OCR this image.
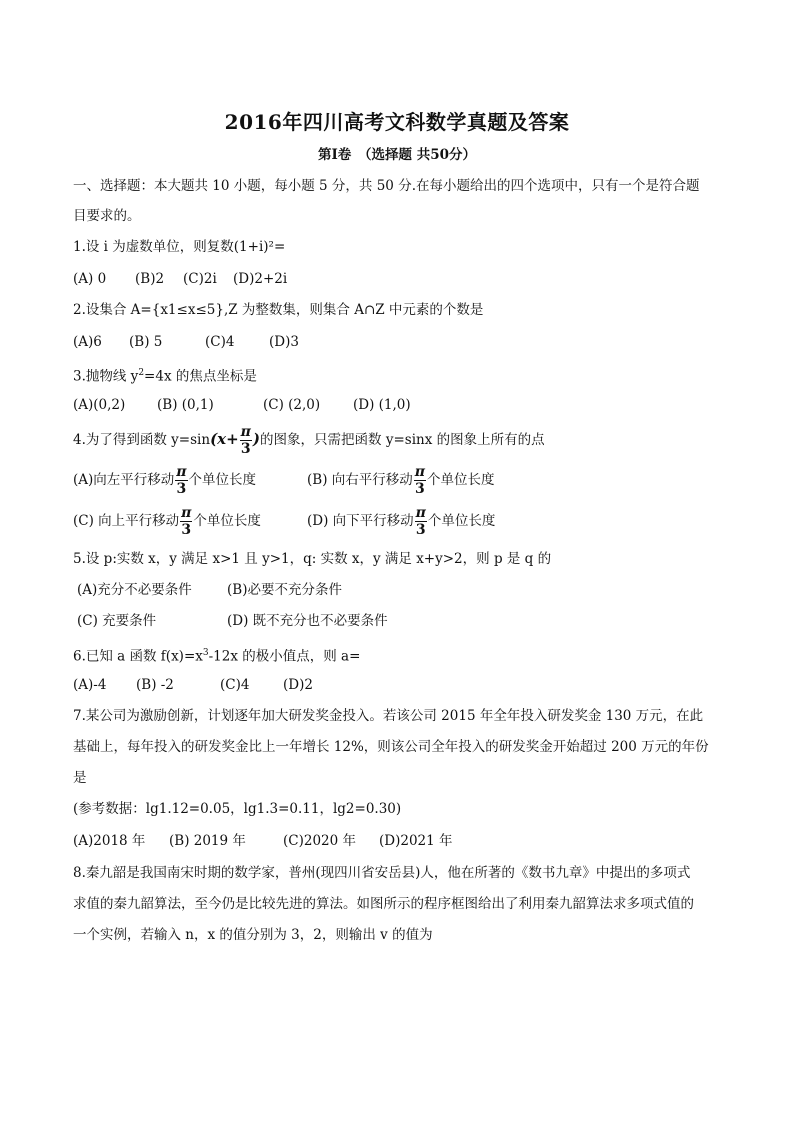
2016年四川高考文科数学真题及答案
第I卷　（选择题 共50分）
一、选择题：本大题共 10 小题，每小题 5 分，共 50 分.在每小题给出的四个选项中，只有一个是符合题
目要求的。
1.设 i 为虚数单位，则复数(1+i)²=
(A) 0 (B)2 (C)2i (D)2+2i
2.设集合 A={x1≤x≤5},Z 为整数集，则集合 A∩Z 中元素的个数是
(A)6 (B) 5	(C)4	(D)3
3.抛物线 $y^2=4x$ 的焦点坐标是
(A)(0,2) (B) (0,1)	(C) (2,0) (D) (1,0)
4.为了得到函数 $y=\sin(x+ \frac{\pi}{3}$ )的图象，只需把函数 y=sinx 的图象上所有的点
(A)向左平行移动 $\frac{\pi}{3}$ 个单位长度	(B) 向右平行移动 $\frac{\pi}{3}$ 个单位长度
(C) 向上平行移动 $\frac{\pi}{3}$ 个单位长度	(D) 向下平行移动 $\frac{\pi}{3}$ 个单位长度
5.设 p:实数 x，y 满足 x>1 且 y>1，q: 实数 x，y 满足 x+y>2，则 p 是 q 的
(A)充分不必要条件	(B)必要不充分条件
(C) 充要条件	(D) 既不充分也不必要条件
6.已知 a 函数 $f(x)=x^3-12x$ 的极小值点，则 a=
(A)-4 (B) -2	(C)4 (D)2
7.某公司为激励创新，计划逐年加大研发奖金投入。若该公司 2015 年全年投入研发奖金 130 万元，在此
基础上，每年投入的研发奖金比上一年增长 12%，则该公司全年投入的研发奖金开始超过 200 万元的年份
是
(参考数据：lg1.12=0.05，lg1.3=0.11，lg2=0.30)
(A)2018 年 (B) 2019 年	(C)2020 年 (D)2021 年
8.秦九韶是我国南宋时期的数学家，普州(现四川省安岳县)人，他在所著的《数书九章》中提出的多项式
求值的秦九韶算法，至今仍是比较先进的算法。如图所示的程序框图给出了利用秦九韶算法求多项式值的
一个实例，若输入 n，x 的值分别为 3，2，则输出 v 的值为
